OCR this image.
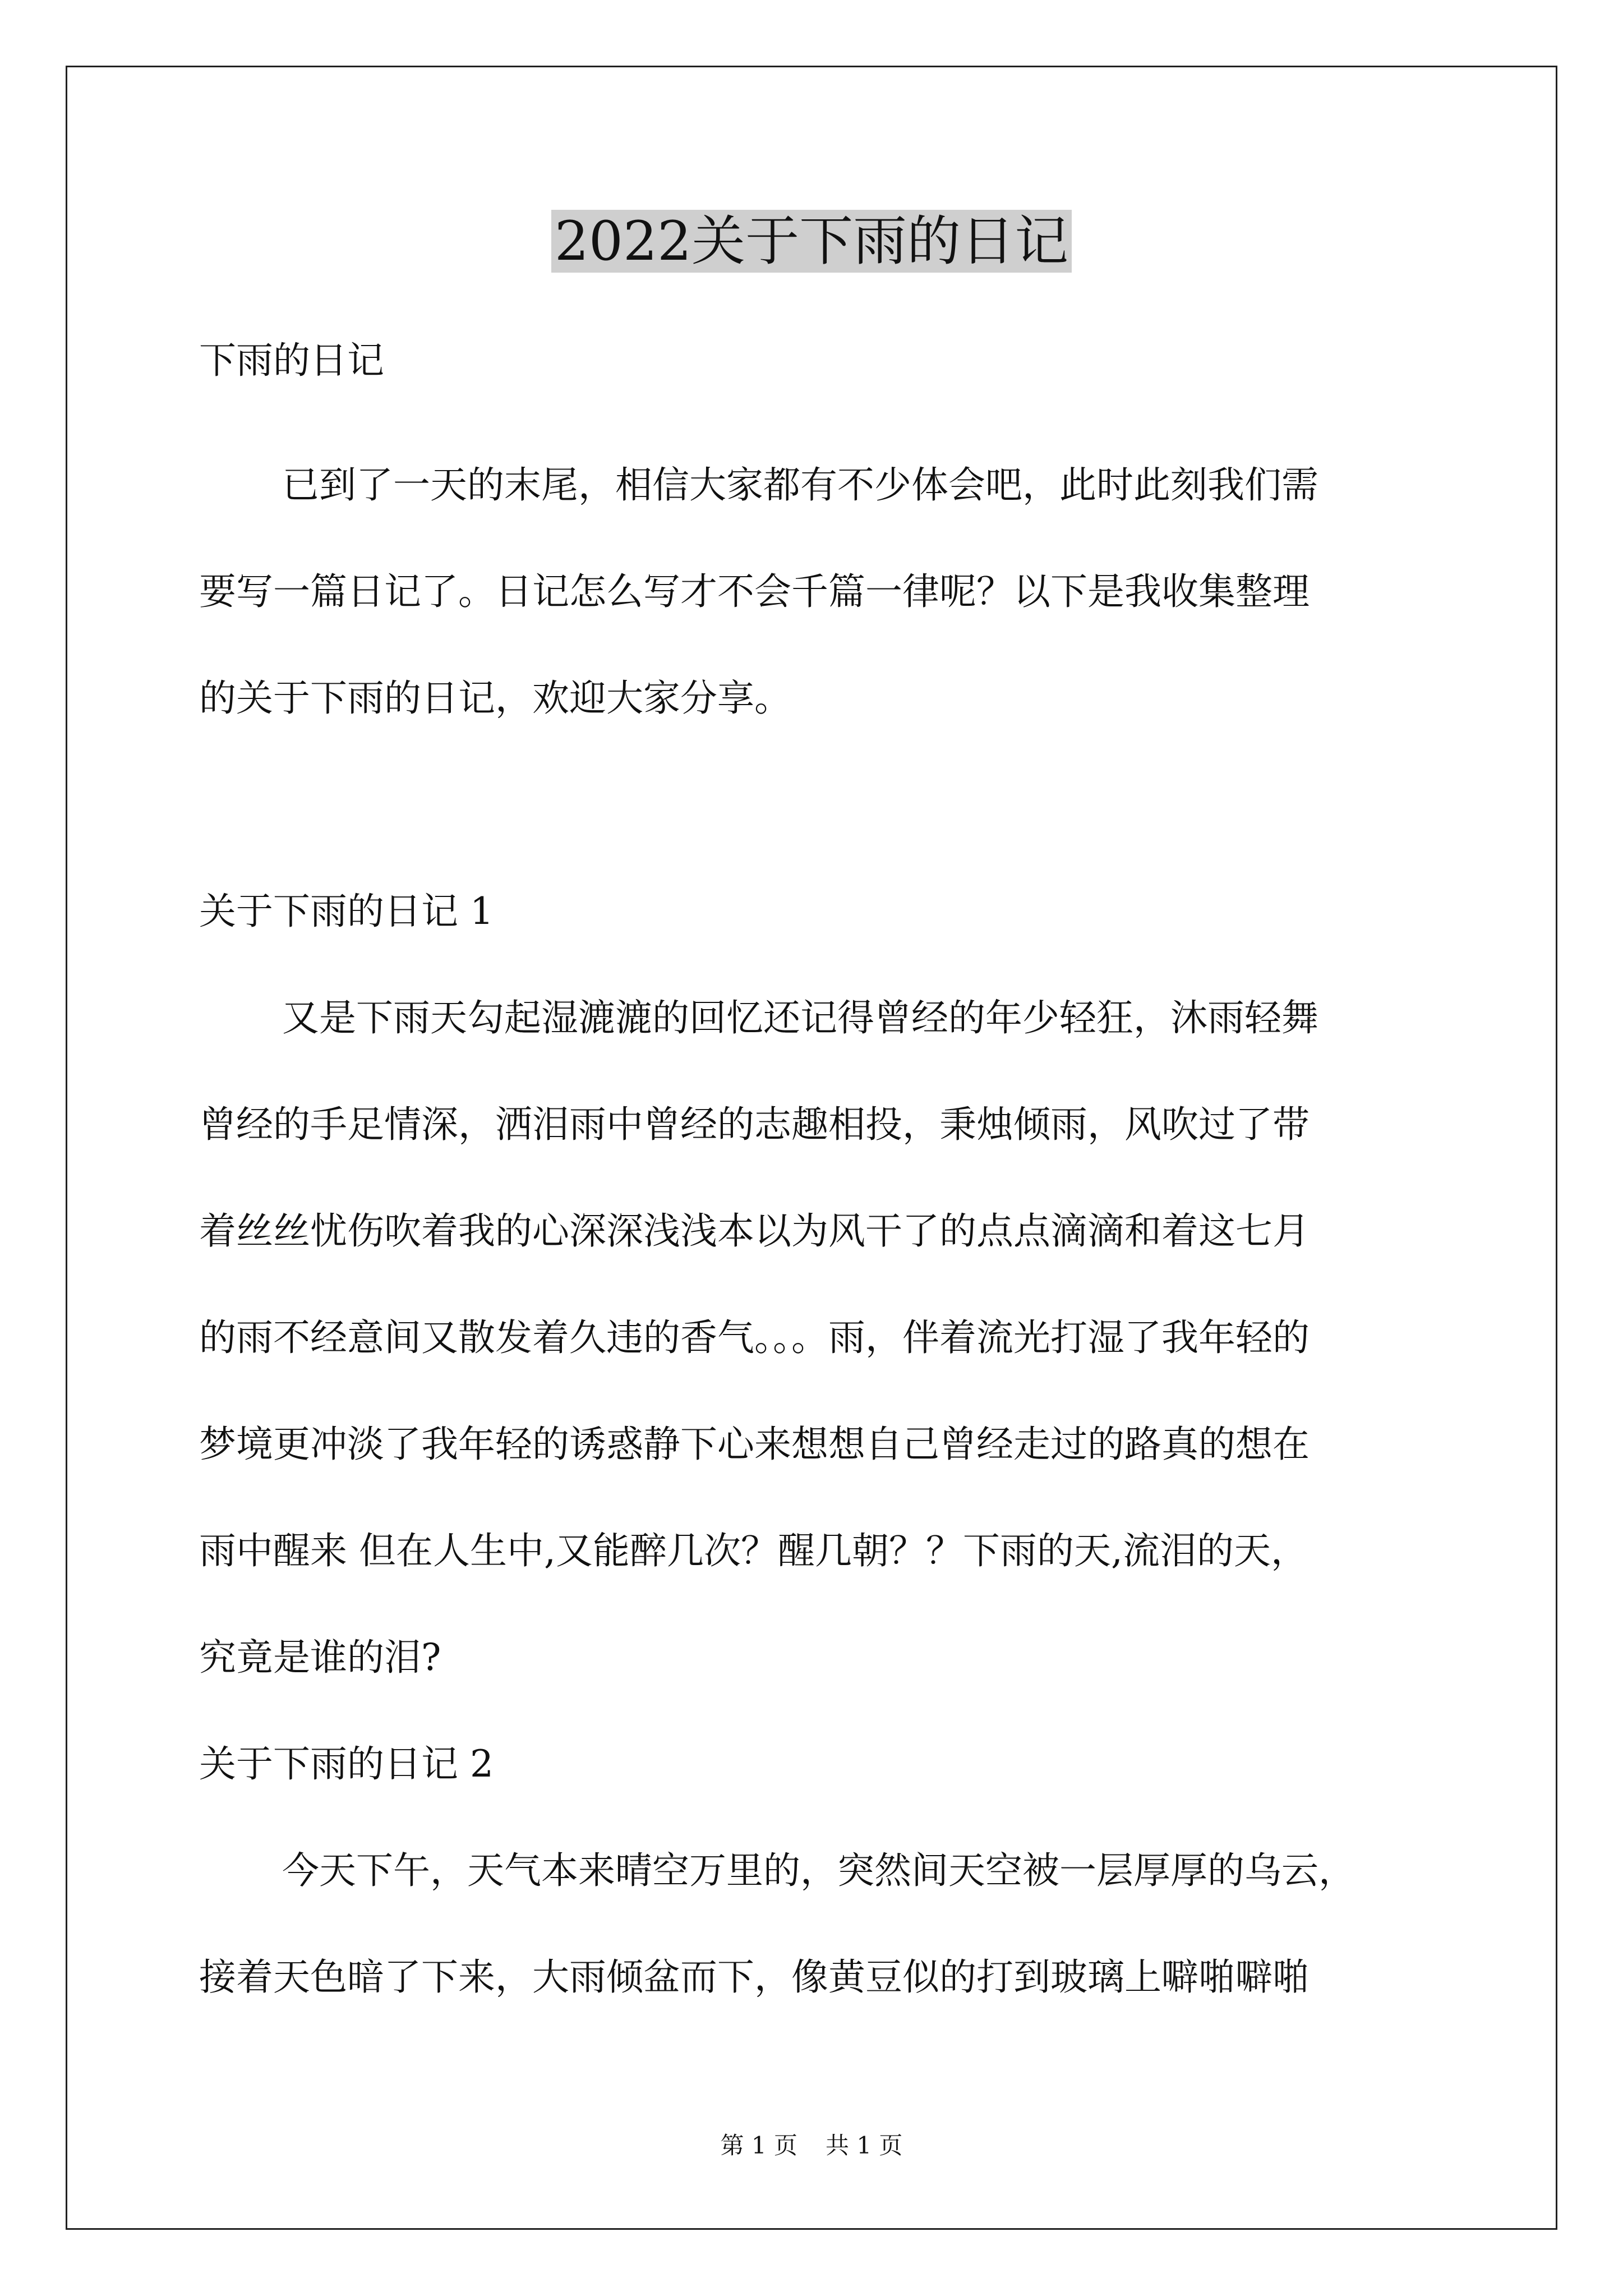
2022关于下雨的日记
下雨的日记
已到了一天的末尾，相信大家都有不少体会吧，此时此刻我们需
要写一篇日记了。日记怎么写才不会千篇一律呢？以下是我收集整理
的关于下雨的日记，欢迎大家分享。
关于下雨的日记 1
又是下雨天勾起湿漉漉的回忆还记得曾经的年少轻狂，沐雨轻舞
曾经的手足情深，洒泪雨中曾经的志趣相投，秉烛倾雨，风吹过了带
着丝丝忧伤吹着我的心深深浅浅本以为风干了的点点滴滴和着这七月
的雨不经意间又散发着久违的香气。。。雨，伴着流光打湿了我年轻的
梦境更冲淡了我年轻的诱惑静下心来想想自己曾经走过的路真的想在
雨中醒来 但在人生中,又能醉几次？醒几朝？？下雨的天,流泪的天，
究竟是谁的泪?
关于下雨的日记 2
今天下午，天气本来晴空万里的，突然间天空被一层厚厚的乌云，
接着天色暗了下来，大雨倾盆而下，像黄豆似的打到玻璃上噼啪噼啪
第 1 页 共 1 页
